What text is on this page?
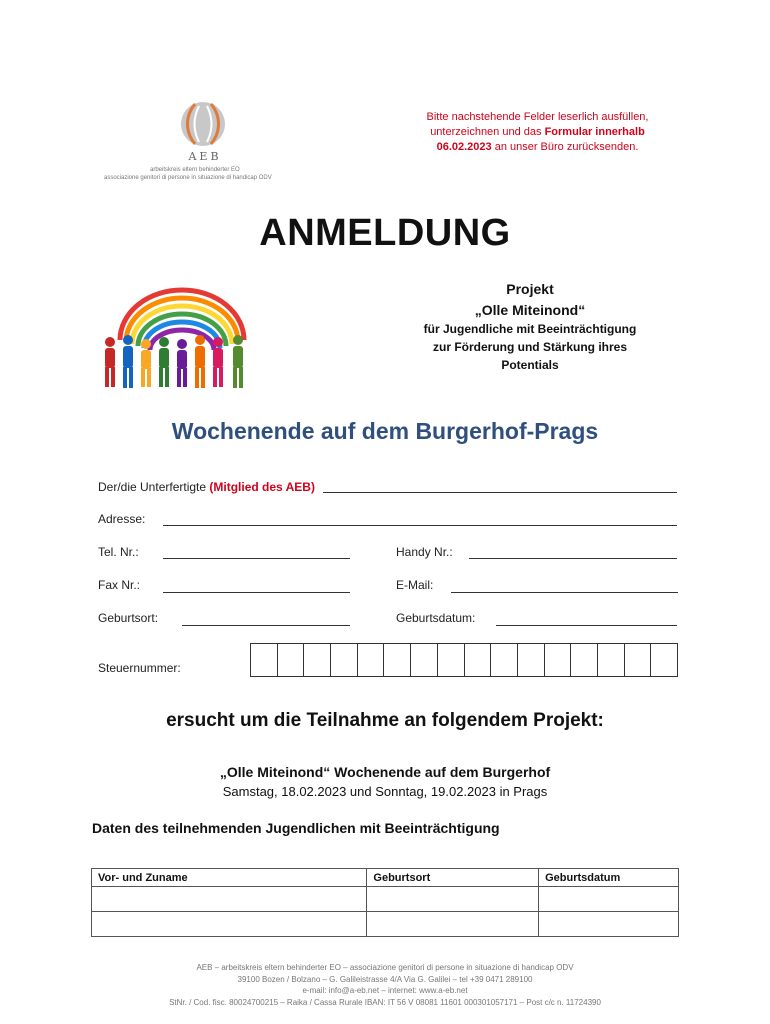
AEB
arbeitskreis eltern behinderter EO
associazione genitori di persone in situazione di handicap ODV
Bitte nachstehende Felder leserlich ausfüllen, unterzeichnen und das Formular innerhalb 06.02.2023 an unser Büro zurücksenden.
ANMELDUNG
Projekt
„Olle Miteinond“
für Jugendliche mit Beeinträchtigung
zur Förderung und Stärkung ihres
Potentials
Wochenende auf dem Burgerhof-Prags
Der/die Unterfertigte (Mitglied des AEB)
Adresse:
Tel. Nr.:	Handy Nr.:
Fax Nr.:	E-Mail:
Geburtsort:	Geburtsdatum:
Steuernummer:
ersucht um die Teilnahme an folgendem Projekt:
„Olle Miteinond“ Wochenende auf dem Burgerhof
Samstag, 18.02.2023 und Sonntag, 19.02.2023 in Prags
Daten des teilnehmenden Jugendlichen mit Beeinträchtigung
Vor- und Zuname	Geburtsort	Geburtsdatum

AEB – arbeitskreis eltern behinderter EO – associazione genitori di persone in situazione di handicap ODV
39100 Bozen / Bolzano – G. Galileistrasse 4/A Via G. Galilei – tel +39 0471 289100
e-mail: info@a-eb.net – internet: www.a-eb.net
StNr. / Cod. fisc. 80024700215 – Raika / Cassa Rurale IBAN: IT 56 V 08081 11601 000301057171 – Post c/c n. 11724390
